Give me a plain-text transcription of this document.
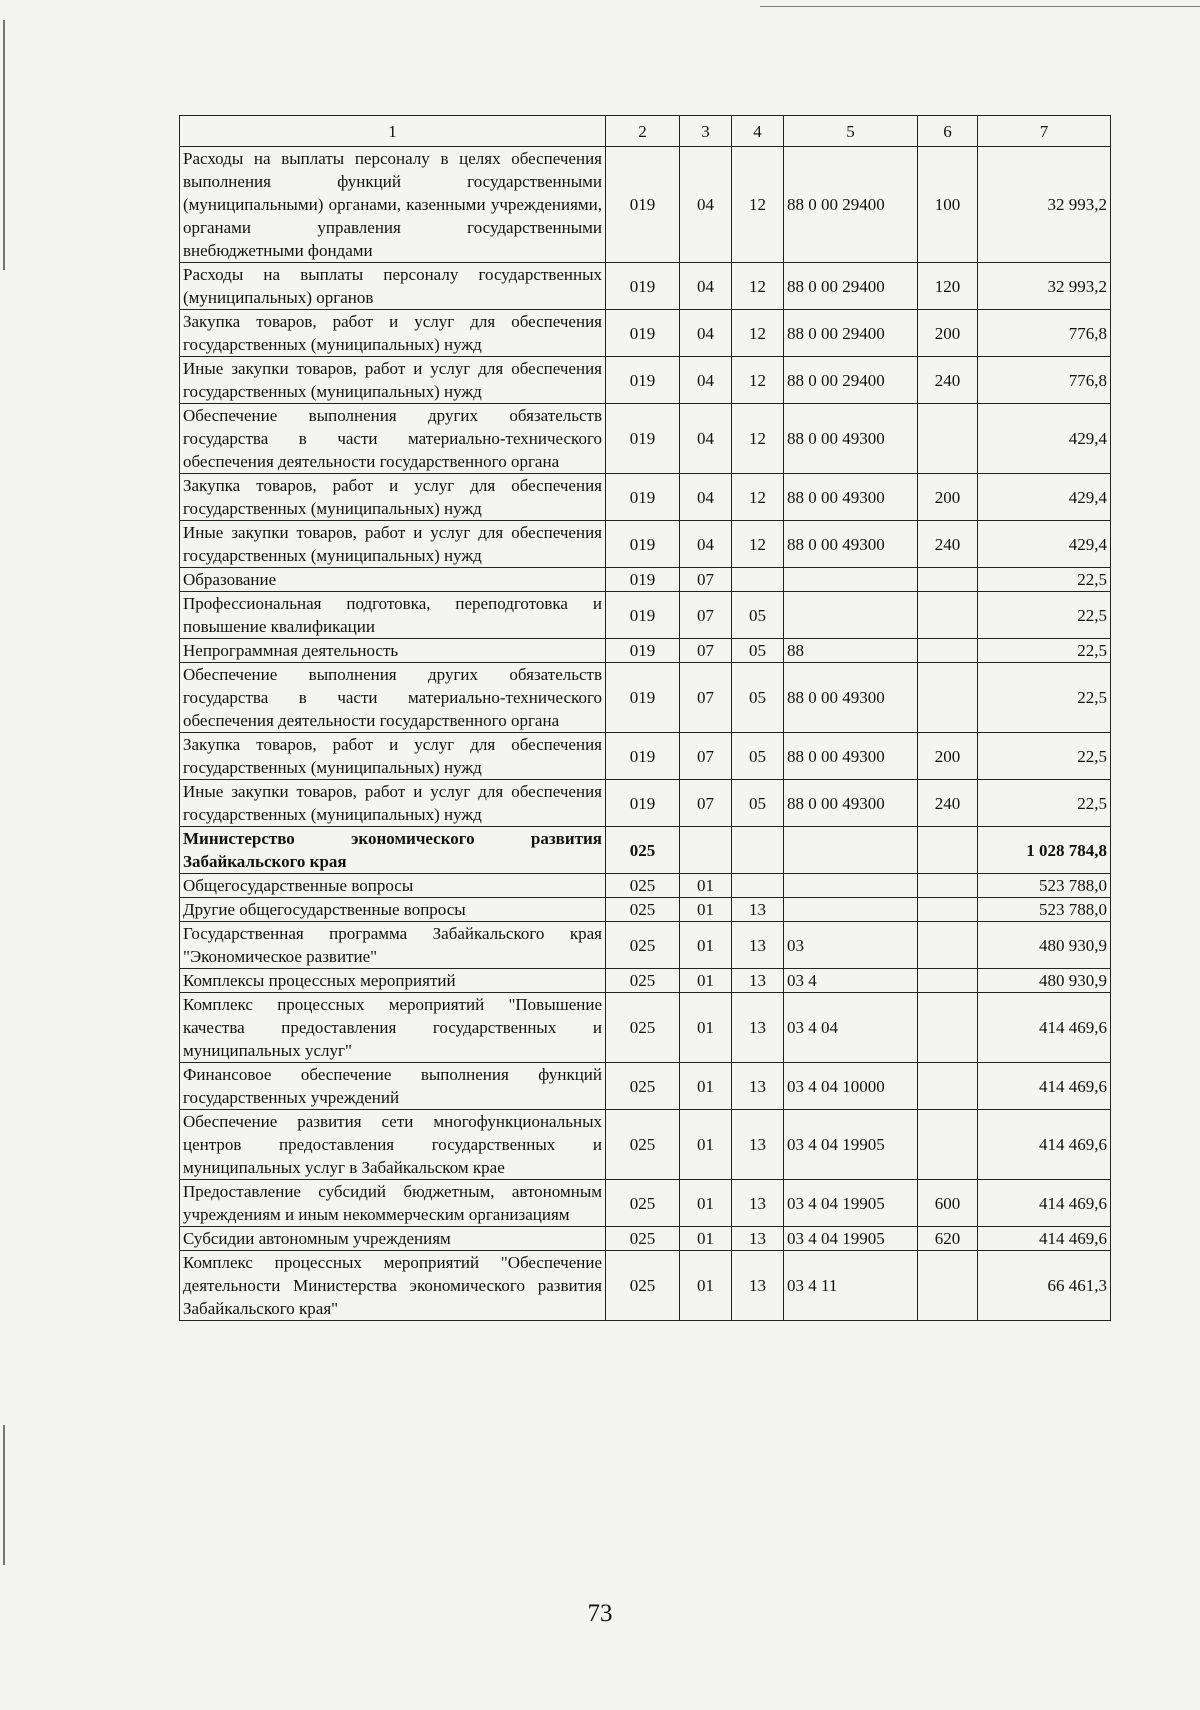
1	2	3	4	5	6	7
Расходы на выплаты персоналу в целях обеспечения выполнения функций государственными (муниципальными) органами, казенными учреждениями, органами управления государственными внебюджетными фондами	019	04	12	88 0 00 29400	100	32 993,2
Расходы на выплаты персоналу государственных (муниципальных) органов	019	04	12	88 0 00 29400	120	32 993,2
Закупка товаров, работ и услуг для обеспечения государственных (муниципальных) нужд	019	04	12	88 0 00 29400	200	776,8
Иные закупки товаров, работ и услуг для обеспечения государственных (муниципальных) нужд	019	04	12	88 0 00 29400	240	776,8
Обеспечение выполнения других обязательств государства в части материально-технического обеспечения деятельности государственного органа	019	04	12	88 0 00 49300		429,4
Закупка товаров, работ и услуг для обеспечения государственных (муниципальных) нужд	019	04	12	88 0 00 49300	200	429,4
Иные закупки товаров, работ и услуг для обеспечения государственных (муниципальных) нужд	019	04	12	88 0 00 49300	240	429,4
Образование	019	07				22,5
Профессиональная подготовка, переподготовка и повышение квалификации	019	07	05			22,5
Непрограммная деятельность	019	07	05	88		22,5
Обеспечение выполнения других обязательств государства в части материально-технического обеспечения деятельности государственного органа	019	07	05	88 0 00 49300		22,5
Закупка товаров, работ и услуг для обеспечения государственных (муниципальных) нужд	019	07	05	88 0 00 49300	200	22,5
Иные закупки товаров, работ и услуг для обеспечения государственных (муниципальных) нужд	019	07	05	88 0 00 49300	240	22,5
Министерство экономического развития Забайкальского края	025					1 028 784,8
Общегосударственные вопросы	025	01				523 788,0
Другие общегосударственные вопросы	025	01	13			523 788,0
Государственная программа Забайкальского края "Экономическое развитие"	025	01	13	03		480 930,9
Комплексы процессных мероприятий	025	01	13	03 4		480 930,9
Комплекс процессных мероприятий "Повышение качества предоставления государственных и муниципальных услуг"	025	01	13	03 4 04		414 469,6
Финансовое обеспечение выполнения функций государственных учреждений	025	01	13	03 4 04 10000		414 469,6
Обеспечение развития сети многофункциональных центров предоставления государственных и муниципальных услуг в Забайкальском крае	025	01	13	03 4 04 19905		414 469,6
Предоставление субсидий бюджетным, автономным учреждениям и иным некоммерческим организациям	025	01	13	03 4 04 19905	600	414 469,6
Субсидии автономным учреждениям	025	01	13	03 4 04 19905	620	414 469,6
Комплекс процессных мероприятий "Обеспечение деятельности Министерства экономического развития Забайкальского края"	025	01	13	03 4 11		66 461,3
73
